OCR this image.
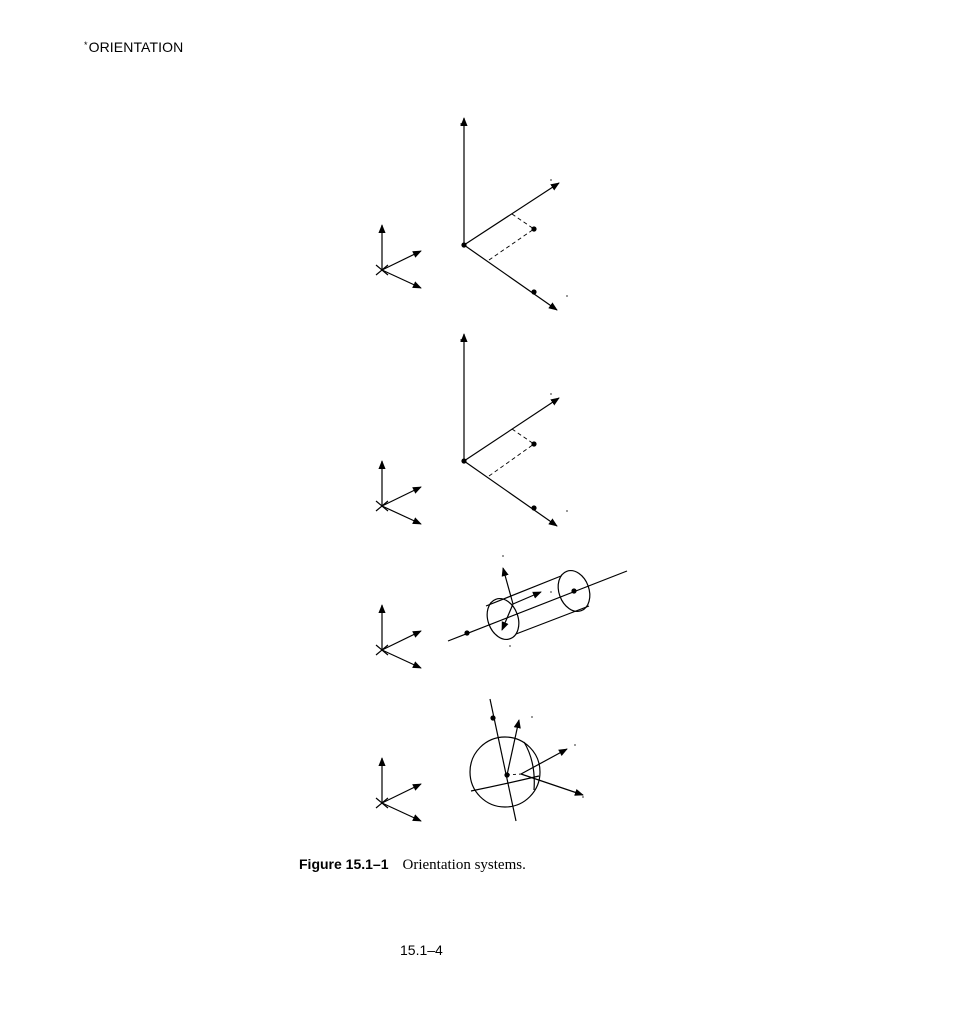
*ORIENTATION
Figure 15.1–1 Orientation systems.
15.1–4
